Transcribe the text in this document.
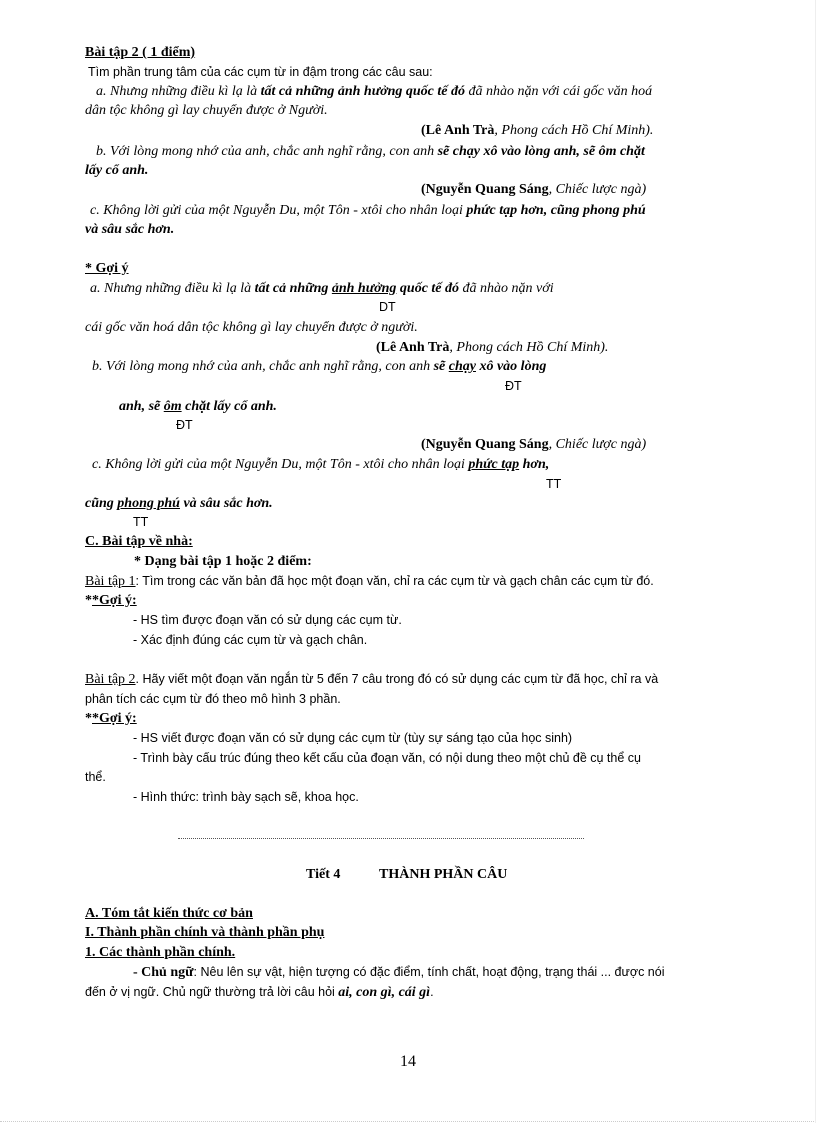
Bài tập 2 ( 1 điểm)
Tìm phần trung tâm của các cụm từ in đậm trong các câu sau:
a. Nhưng những điều kì lạ là tất cả những ảnh hưởng quốc tế đó đã nhào nặn với cái gốc văn hoá
dân tộc không gì lay chuyển được ở Người.
(Lê Anh Trà, Phong cách Hồ Chí Minh).
b. Với lòng mong nhớ của anh, chắc anh nghĩ rằng, con anh sẽ chạy xô vào lòng anh, sẽ ôm chặt
lấy cổ anh.
(Nguyễn Quang Sáng, Chiếc lược ngà)
c. Không lời gửi của một Nguyễn Du, một Tôn - xtôi cho nhân loại phức tạp hơn, cũng phong phú
và sâu sắc hơn.
* Gợi ý
a. Nhưng những điều kì lạ là tất cả những ảnh hưởng quốc tế đó đã nhào nặn với
DT
cái gốc văn hoá dân tộc không gì lay chuyển được ở người.
(Lê Anh Trà, Phong cách Hồ Chí Minh).
b. Với lòng mong nhớ của anh, chắc anh nghĩ rằng, con anh sẽ chạy xô vào lòng
ĐT
anh, sẽ ôm chặt lấy cổ anh.
ĐT
(Nguyễn Quang Sáng, Chiếc lược ngà)
c. Không lời gửi của một Nguyễn Du, một Tôn - xtôi cho nhân loại phức tạp hơn,
TT
cũng phong phú và sâu sắc hơn.
TT
C. Bài tập về nhà:
* Dạng bài tập 1 hoặc 2 điểm:
Bài tập 1: Tìm trong các văn bản đã học một đoạn văn, chỉ ra các cụm từ và gạch chân các cụm từ đó.
**Gợi ý:
- HS tìm được đoạn văn có sử dụng các cụm từ.
- Xác định đúng các cụm từ và gạch chân.
Bài tập 2. Hãy viết một đoạn văn ngắn từ 5 đến 7 câu trong đó có sử dụng các cụm từ đã học, chỉ ra và
phân tích các cụm từ đó theo mô hình 3 phần.
**Gợi ý:
- HS viết được đoạn văn có sử dụng các cụm từ (tùy sự sáng tạo của học sinh)
- Trình bày cấu trúc đúng theo kết cấu của đoạn văn, có nội dung theo một chủ đề cụ thể cụ
thể.
- Hình thức: trình bày sạch sẽ, khoa học.
Tiết 4	THÀNH PHẦN CÂU
A. Tóm tắt kiến thức cơ bản
I. Thành phần chính và thành phần phụ
1. Các thành phần chính.
- Chủ ngữ: Nêu lên sự vật, hiện tượng có đặc điểm, tính chất, hoạt động, trạng thái ... được nói
đến ở vị ngữ. Chủ ngữ thường trả lời câu hỏi ai, con gì, cái gì.
14
